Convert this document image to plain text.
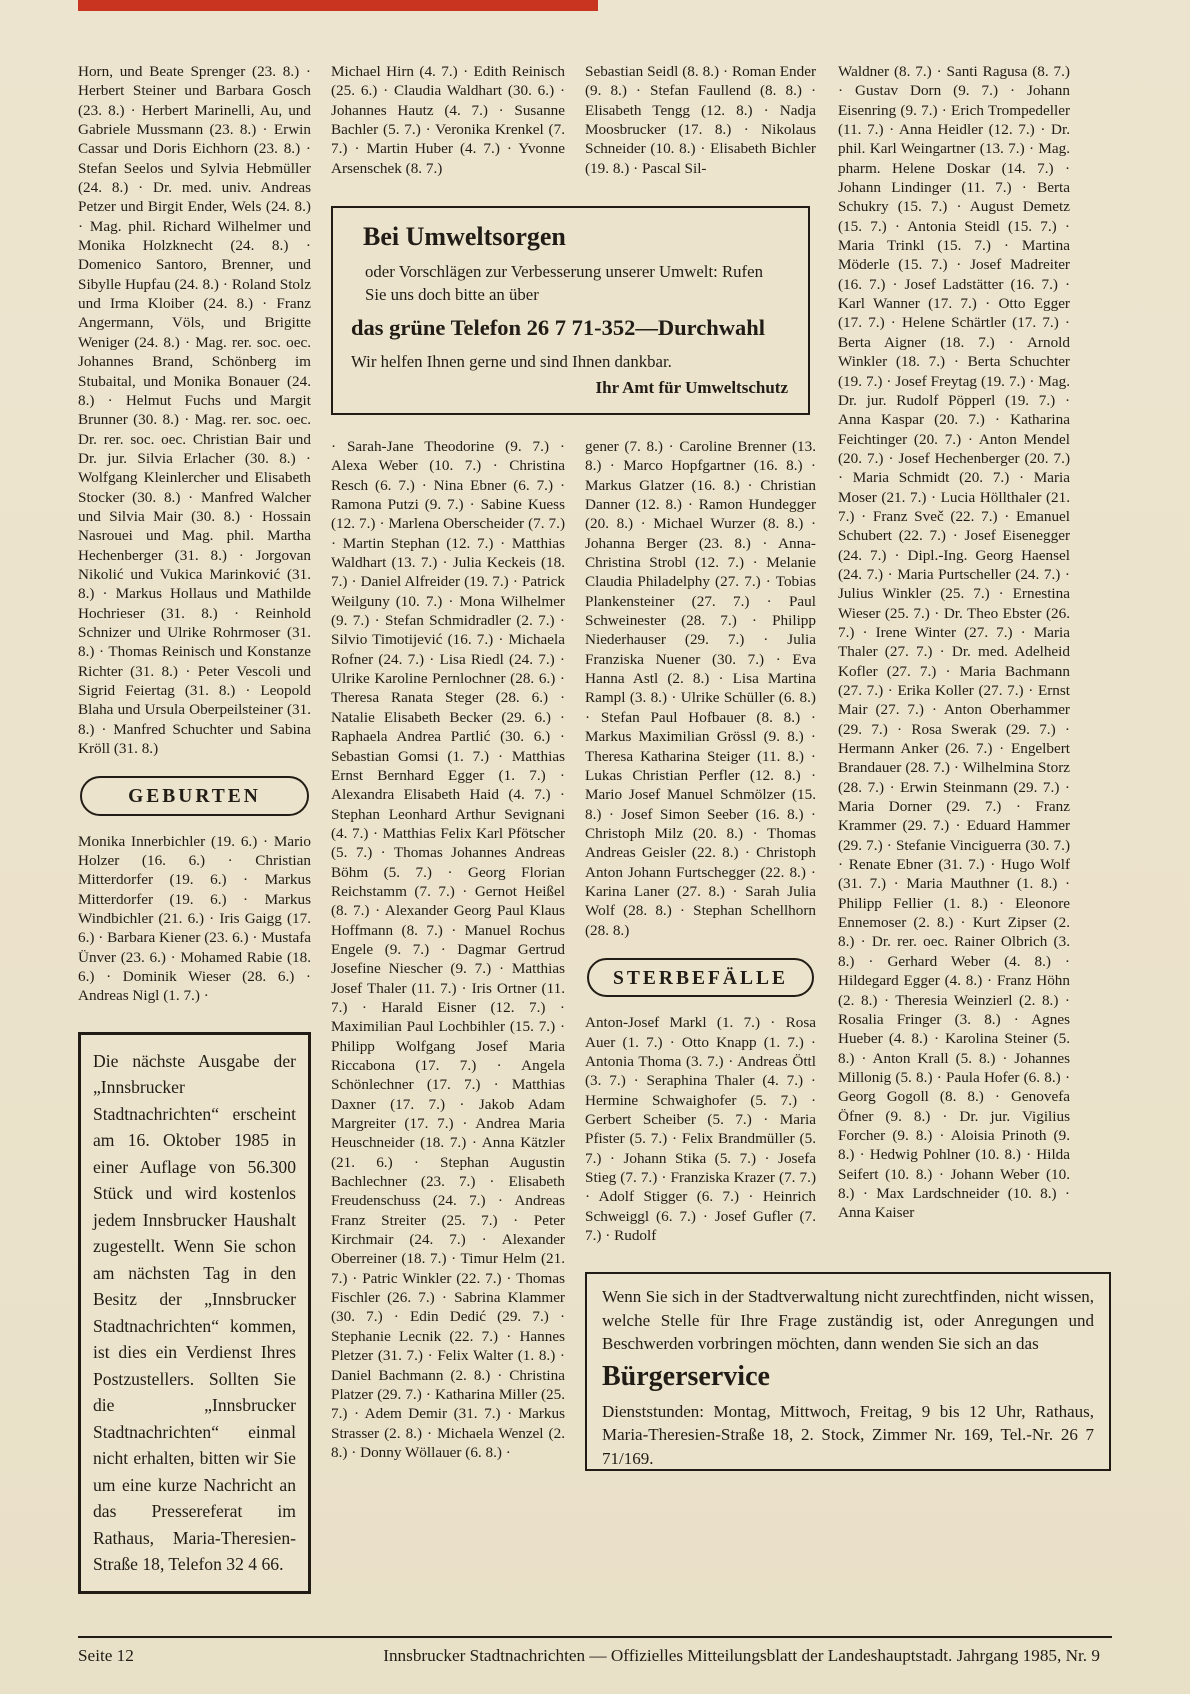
Horn, und Beate Sprenger (23. 8.) · Herbert Steiner und Barbara Gosch (23. 8.) · Herbert Marinelli, Au, und Gabriele Mussmann (23. 8.) · Erwin Cassar und Doris Eichhorn (23. 8.) · Stefan Seelos und Sylvia Hebmüller (24. 8.) · Dr. med. univ. Andreas Petzer und Birgit Ender, Wels (24. 8.) · Mag. phil. Richard Wilhelmer und Monika Holzknecht (24. 8.) · Domenico Santoro, Brenner, und Sibylle Hupfau (24. 8.) · Roland Stolz und Irma Kloiber (24. 8.) · Franz Angermann, Völs, und Brigitte Weniger (24. 8.) · Mag. rer. soc. oec. Johannes Brand, Schönberg im Stubaital, und Monika Bonauer (24. 8.) · Helmut Fuchs und Margit Brunner (30. 8.) · Mag. rer. soc. oec. Dr. rer. soc. oec. Christian Bair und Dr. jur. Silvia Erlacher (30. 8.) · Wolfgang Kleinlercher und Elisabeth Stocker (30. 8.) · Manfred Walcher und Silvia Mair (30. 8.) · Hossain Nasrouei und Mag. phil. Martha Hechenberger (31. 8.) · Jorgovan Nikolić und Vukica Marinković (31. 8.) · Markus Hollaus und Mathilde Hochrieser (31. 8.) · Reinhold Schnizer und Ulrike Rohrmoser (31. 8.) · Thomas Reinisch und Konstanze Richter (31. 8.) · Peter Vescoli und Sigrid Feiertag (31. 8.) · Leopold Blaha und Ursula Oberpeilsteiner (31. 8.) · Manfred Schuchter und Sabina Kröll (31. 8.)

GEBURTEN

Monika Innerbichler (19. 6.) · Mario Holzer (16. 6.) · Christian Mitterdorfer (19. 6.) · Markus Mitterdorfer (19. 6.) · Markus Windbichler (21. 6.) · Iris Gaigg (17. 6.) · Barbara Kiener (23. 6.) · Mustafa Ünver (23. 6.) · Mohamed Rabie (18. 6.) · Dominik Wieser (28. 6.) · Andreas Nigl (1. 7.) ·

Die nächste Ausgabe der „Innsbrucker Stadtnachrichten“ erscheint am 16. Oktober 1985 in einer Auflage von 56.300 Stück und wird kostenlos jedem Innsbrucker Haushalt zugestellt. Wenn Sie schon am nächsten Tag in den Besitz der „Innsbrucker Stadtnachrichten“ kommen, ist dies ein Verdienst Ihres Postzustellers. Sollten Sie die „Innsbrucker Stadtnachrichten“ einmal nicht erhalten, bitten wir Sie um eine kurze Nachricht an das Pressereferat im Rathaus, Maria-Theresien-Straße 18, Telefon 32 4 66.

Michael Hirn (4. 7.) · Edith Reinisch (25. 6.) · Claudia Waldhart (30. 6.) · Johannes Hautz (4. 7.) · Susanne Bachler (5. 7.) · Veronika Krenkel (7. 7.) · Martin Huber (4. 7.) · Yvonne Arsenschek (8. 7.)

Bei Umweltsorgen
oder Vorschlägen zur Verbesserung unserer Umwelt: Rufen Sie uns doch bitte an über
das grüne Telefon 26 7 71-352—Durchwahl
Wir helfen Ihnen gerne und sind Ihnen dankbar.
Ihr Amt für Umweltschutz

· Sarah-Jane Theodorine (9. 7.) · Alexa Weber (10. 7.) · Christina Resch (6. 7.) · Nina Ebner (6. 7.) · Ramona Putzi (9. 7.) · Sabine Kuess (12. 7.) · Marlena Oberscheider (7. 7.) · Martin Stephan (12. 7.) · Matthias Waldhart (13. 7.) · Julia Keckeis (18. 7.) · Daniel Alfreider (19. 7.) · Patrick Weilguny (10. 7.) · Mona Wilhelmer (9. 7.) · Stefan Schmidradler (2. 7.) · Silvio Timotijević (16. 7.) · Michaela Rofner (24. 7.) · Lisa Riedl (24. 7.) · Ulrike Karoline Pernlochner (28. 6.) · Theresa Ranata Steger (28. 6.) · Natalie Elisabeth Becker (29. 6.) · Raphaela Andrea Partlić (30. 6.) · Sebastian Gomsi (1. 7.) · Matthias Ernst Bernhard Egger (1. 7.) · Alexandra Elisabeth Haid (4. 7.) · Stephan Leonhard Arthur Sevignani (4. 7.) · Matthias Felix Karl Pfötscher (5. 7.) · Thomas Johannes Andreas Böhm (5. 7.) · Georg Florian Reichstamm (7. 7.) · Gernot Heißel (8. 7.) · Alexander Georg Paul Klaus Hoffmann (8. 7.) · Manuel Rochus Engele (9. 7.) · Dagmar Gertrud Josefine Niescher (9. 7.) · Matthias Josef Thaler (11. 7.) · Iris Ortner (11. 7.) · Harald Eisner (12. 7.) · Maximilian Paul Lochbihler (15. 7.) · Philipp Wolfgang Josef Maria Riccabona (17. 7.) · Angela Schönlechner (17. 7.) · Matthias Daxner (17. 7.) · Jakob Adam Margreiter (17. 7.) · Andrea Maria Heuschneider (18. 7.) · Anna Kätzler (21. 6.) · Stephan Augustin Bachlechner (23. 7.) · Elisabeth Freudenschuss (24. 7.) · Andreas Franz Streiter (25. 7.) · Peter Kirchmair (24. 7.) · Alexander Oberreiner (18. 7.) · Timur Helm (21. 7.) · Patric Winkler (22. 7.) · Thomas Fischler (26. 7.) · Sabrina Klammer (30. 7.) · Edin Dedić (29. 7.) · Stephanie Lecnik (22. 7.) · Hannes Pletzer (31. 7.) · Felix Walter (1. 8.) · Daniel Bachmann (2. 8.) · Christina Platzer (29. 7.) · Katharina Miller (25. 7.) · Adem Demir (31. 7.) · Markus Strasser (2. 8.) · Michaela Wenzel (2. 8.) · Donny Wöllauer (6. 8.) ·

Sebastian Seidl (8. 8.) · Roman Ender (9. 8.) · Stefan Faullend (8. 8.) · Elisabeth Tengg (12. 8.) · Nadja Moosbrucker (17. 8.) · Nikolaus Schneider (10. 8.) · Elisabeth Bichler (19. 8.) · Pascal Sil-

gener (7. 8.) · Caroline Brenner (13. 8.) · Marco Hopfgartner (16. 8.) · Markus Glatzer (16. 8.) · Christian Danner (12. 8.) · Ramon Hundegger (20. 8.) · Michael Wurzer (8. 8.) · Johanna Berger (23. 8.) · Anna-Christina Strobl (12. 7.) · Melanie Claudia Philadelphy (27. 7.) · Tobias Plankensteiner (27. 7.) · Paul Schweinester (28. 7.) · Philipp Niederhauser (29. 7.) · Julia Franziska Nuener (30. 7.) · Eva Hanna Astl (2. 8.) · Lisa Martina Rampl (3. 8.) · Ulrike Schüller (6. 8.) · Stefan Paul Hofbauer (8. 8.) · Markus Maximilian Grössl (9. 8.) · Theresa Katharina Steiger (11. 8.) · Lukas Christian Perfler (12. 8.) · Mario Josef Manuel Schmölzer (15. 8.) · Josef Simon Seeber (16. 8.) · Christoph Milz (20. 8.) · Thomas Andreas Geisler (22. 8.) · Christoph Anton Johann Furtschegger (22. 8.) · Karina Laner (27. 8.) · Sarah Julia Wolf (28. 8.) · Stephan Schellhorn (28. 8.)

STERBEFÄLLE

Anton-Josef Markl (1. 7.) · Rosa Auer (1. 7.) · Otto Knapp (1. 7.) · Antonia Thoma (3. 7.) · Andreas Öttl (3. 7.) · Seraphina Thaler (4. 7.) · Hermine Schwaighofer (5. 7.) · Gerbert Scheiber (5. 7.) · Maria Pfister (5. 7.) · Felix Brandmüller (5. 7.) · Johann Stika (5. 7.) · Josefa Stieg (7. 7.) · Franziska Krazer (7. 7.) · Adolf Stigger (6. 7.) · Heinrich Schweiggl (6. 7.) · Josef Gufler (7. 7.) · Rudolf

Wenn Sie sich in der Stadtverwaltung nicht zurechtfinden, nicht wissen, welche Stelle für Ihre Frage zuständig ist, oder Anregungen und Beschwerden vorbringen möchten, dann wenden Sie sich an das
Bürgerservice
Dienststunden: Montag, Mittwoch, Freitag, 9 bis 12 Uhr, Rathaus, Maria-Theresien-Straße 18, 2. Stock, Zimmer Nr. 169, Tel.-Nr. 26 7 71/169.

Waldner (8. 7.) · Santi Ragusa (8. 7.) · Gustav Dorn (9. 7.) · Johann Eisenring (9. 7.) · Erich Trompedeller (11. 7.) · Anna Heidler (12. 7.) · Dr. phil. Karl Weingartner (13. 7.) · Mag. pharm. Helene Doskar (14. 7.) · Johann Lindinger (11. 7.) · Berta Schukry (15. 7.) · August Demetz (15. 7.) · Antonia Steidl (15. 7.) · Maria Trinkl (15. 7.) · Martina Möderle (15. 7.) · Josef Madreiter (16. 7.) · Josef Ladstätter (16. 7.) · Karl Wanner (17. 7.) · Otto Egger (17. 7.) · Helene Schärtler (17. 7.) · Berta Aigner (18. 7.) · Arnold Winkler (18. 7.) · Berta Schuchter (19. 7.) · Josef Freytag (19. 7.) · Mag. Dr. jur. Rudolf Pöpperl (19. 7.) · Anna Kaspar (20. 7.) · Katharina Feichtinger (20. 7.) · Anton Mendel (20. 7.) · Josef Hechenberger (20. 7.) · Maria Schmidt (20. 7.) · Maria Moser (21. 7.) · Lucia Höllthaler (21. 7.) · Franz Sveč (22. 7.) · Emanuel Schubert (22. 7.) · Josef Eisenegger (24. 7.) · Dipl.-Ing. Georg Haensel (24. 7.) · Maria Purtscheller (24. 7.) · Julius Winkler (25. 7.) · Ernestina Wieser (25. 7.) · Dr. Theo Ebster (26. 7.) · Irene Winter (27. 7.) · Maria Thaler (27. 7.) · Dr. med. Adelheid Kofler (27. 7.) · Maria Bachmann (27. 7.) · Erika Koller (27. 7.) · Ernst Mair (27. 7.) · Anton Oberhammer (29. 7.) · Rosa Swerak (29. 7.) · Hermann Anker (26. 7.) · Engelbert Brandauer (28. 7.) · Wilhelmina Storz (28. 7.) · Erwin Steinmann (29. 7.) · Maria Dorner (29. 7.) · Franz Krammer (29. 7.) · Eduard Hammer (29. 7.) · Stefanie Vinciguerra (30. 7.) · Renate Ebner (31. 7.) · Hugo Wolf (31. 7.) · Maria Mauthner (1. 8.) · Philipp Fellier (1. 8.) · Eleonore Ennemoser (2. 8.) · Kurt Zipser (2. 8.) · Dr. rer. oec. Rainer Olbrich (3. 8.) · Gerhard Weber (4. 8.) · Hildegard Egger (4. 8.) · Franz Höhn (2. 8.) · Theresia Weinzierl (2. 8.) · Rosalia Fringer (3. 8.) · Agnes Hueber (4. 8.) · Karolina Steiner (5. 8.) · Anton Krall (5. 8.) · Johannes Millonig (5. 8.) · Paula Hofer (6. 8.) · Georg Gogoll (8. 8.) · Genovefa Öfner (9. 8.) · Dr. jur. Vigilius Forcher (9. 8.) · Aloisia Prinoth (9. 8.) · Hedwig Pohlner (10. 8.) · Hilda Seifert (10. 8.) · Johann Weber (10. 8.) · Max Lardschneider (10. 8.) · Anna Kaiser

Seite 12	Innsbrucker Stadtnachrichten — Offizielles Mitteilungsblatt der Landeshauptstadt. Jahrgang 1985, Nr. 9
